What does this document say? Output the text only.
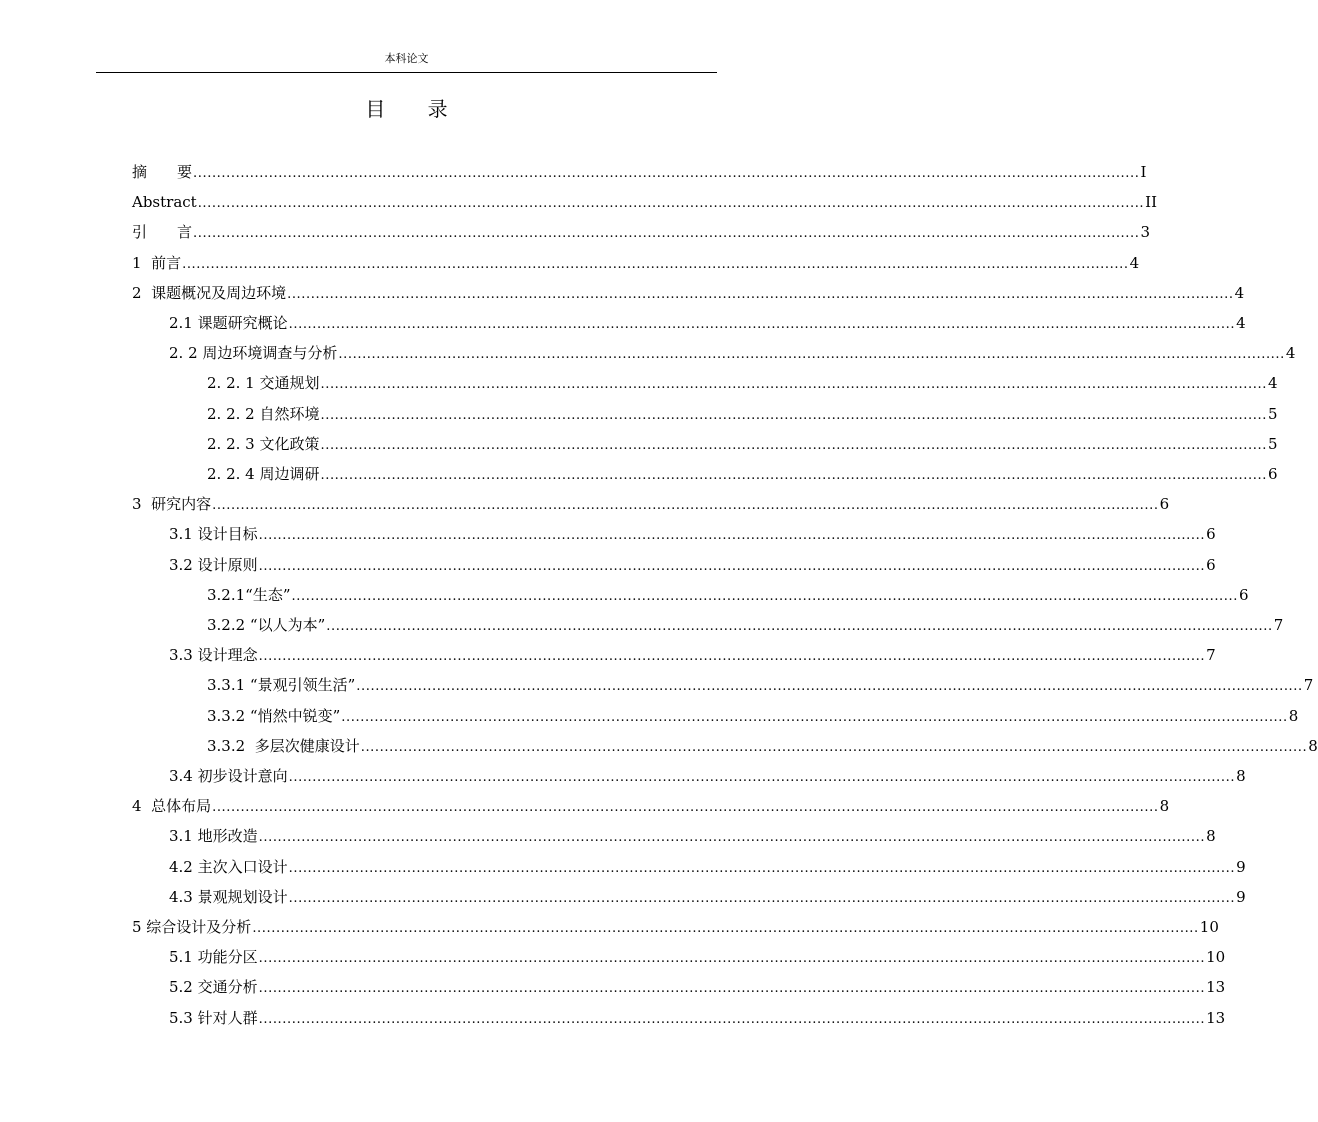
本科论文
目 录
摘　　要 ........................................................................................................................................................................................................ I
Abstract ........................................................................................................................................................................................................ II
引　　言 ........................................................................................................................................................................................................ 3
1  前言 ........................................................................................................................................................................................................ 4
2  课题概况及周边环境 ........................................................................................................................................................................................................ 4
2.1 课题研究概论 ........................................................................................................................................................................................................ 4
2. 2 周边环境调查与分析 ........................................................................................................................................................................................................ 4
2. 2. 1 交通规划 ........................................................................................................................................................................................................ 4
2. 2. 2 自然环境 ........................................................................................................................................................................................................ 5
2. 2. 3 文化政策 ........................................................................................................................................................................................................ 5
2. 2. 4 周边调研 ........................................................................................................................................................................................................ 6
3  研究内容 ........................................................................................................................................................................................................ 6
3.1 设计目标 ........................................................................................................................................................................................................ 6
3.2 设计原则 ........................................................................................................................................................................................................ 6
3.2.1“生态” ........................................................................................................................................................................................................ 6
3.2.2 “以人为本” ........................................................................................................................................................................................................ 7
3.3 设计理念 ........................................................................................................................................................................................................ 7
3.3.1 “景观引领生活” ........................................................................................................................................................................................................ 7
3.3.2 “悄然中锐变” ........................................................................................................................................................................................................ 8
3.3.2  多层次健康设计 ........................................................................................................................................................................................................ 8
3.4 初步设计意向 ........................................................................................................................................................................................................ 8
4  总体布局 ........................................................................................................................................................................................................ 8
3.1 地形改造 ........................................................................................................................................................................................................ 8
4.2 主次入口设计 ........................................................................................................................................................................................................ 9
4.3 景观规划设计 ........................................................................................................................................................................................................ 9
5 综合设计及分析 ........................................................................................................................................................................................................ 10
5.1 功能分区 ........................................................................................................................................................................................................ 10
5.2 交通分析 ........................................................................................................................................................................................................ 13
5.3 针对人群 ........................................................................................................................................................................................................ 13
